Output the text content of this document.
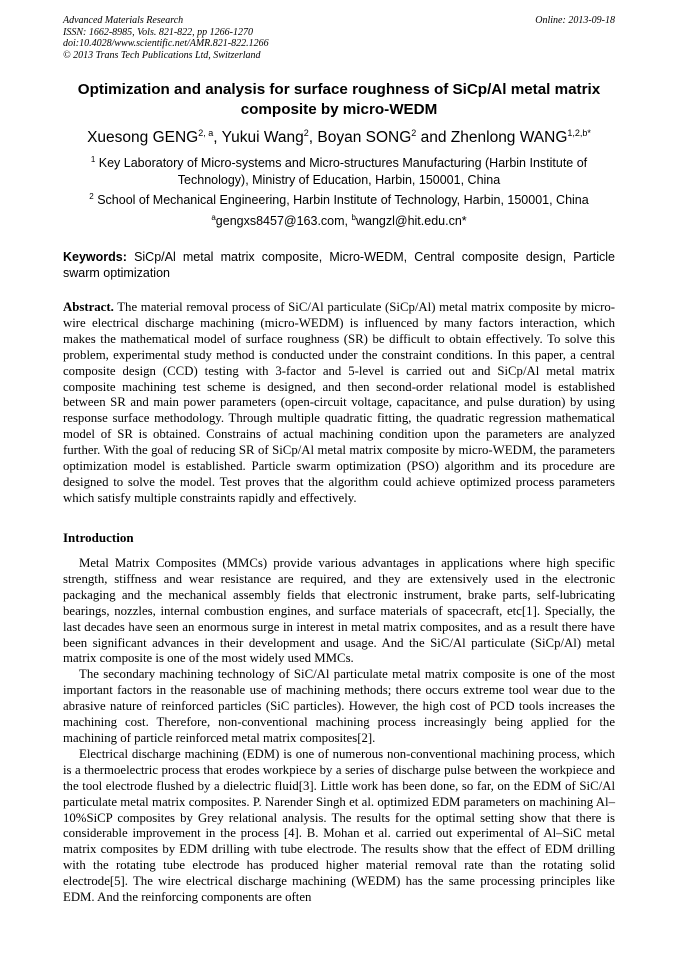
Advanced Materials Research
ISSN: 1662-8985, Vols. 821-822, pp 1266-1270
doi:10.4028/www.scientific.net/AMR.821-822.1266
© 2013 Trans Tech Publications Ltd, Switzerland
Online: 2013-09-18
Optimization and analysis for surface roughness of SiCp/Al metal matrix composite by micro-WEDM
Xuesong GENG$^{2, a}$, Yukui Wang$^2$, Boyan SONG$^2$ and Zhenlong $WANG^{1,2,b*}$
$^1$ Key Laboratory of Micro-systems and Micro-structures Manufacturing (Harbin Institute of Technology), Ministry of Education, Harbin, 150001, China
$^2$ School of Mechanical Engineering, Harbin Institute of Technology, Harbin, 150001, China
$^a$gengxs8457@163.com, $^b$wangzl@hit.edu.cn*
Keywords: SiCp/Al metal matrix composite, Micro-WEDM, Central composite design, Particle swarm optimization
Abstract. The material removal process of SiC/Al particulate (SiCp/Al) metal matrix composite by micro-wire electrical discharge machining (micro-WEDM) is influenced by many factors interaction, which makes the mathematical model of surface roughness (SR) be difficult to obtain effectively. To solve this problem, experimental study method is conducted under the constraint conditions. In this paper, a central composite design (CCD) testing with 3-factor and 5-level is carried out and SiCp/Al metal matrix composite machining test scheme is designed, and then second-order relational model is established between SR and main power parameters (open-circuit voltage, capacitance, and pulse duration) by using response surface methodology. Through multiple quadratic fitting, the quadratic regression mathematical model of SR is obtained. Constrains of actual machining condition upon the parameters are analyzed further. With the goal of reducing SR of SiCp/Al metal matrix composite by micro-WEDM, the parameters optimization model is established. Particle swarm optimization (PSO) algorithm and its procedure are designed to solve the model. Test proves that the algorithm could achieve optimized process parameters which satisfy multiple constraints rapidly and effectively.
Introduction

Metal Matrix Composites (MMCs) provide various advantages in applications where high specific strength, stiffness and wear resistance are required, and they are extensively used in the electronic packaging and the mechanical assembly fields that electronic instrument, brake parts, self-lubricating bearings, nozzles, internal combustion engines, and surface materials of spacecraft, etc[1]. Specially, the last decades have seen an enormous surge in interest in metal matrix composites, and as a result there have been significant advances in their development and usage. And the SiC/Al particulate (SiCp/Al) metal matrix composite is one of the most widely used MMCs.

The secondary machining technology of SiC/Al particulate metal matrix composite is one of the most important factors in the reasonable use of machining methods; there occurs extreme tool wear due to the abrasive nature of reinforced particles (SiC particles). However, the high cost of PCD tools increases the machining cost. Therefore, non-conventional machining process increasingly being applied for the machining of particle reinforced metal matrix composites[2].

Electrical discharge machining (EDM) is one of numerous non-conventional machining process, which is a thermoelectric process that erodes workpiece by a series of discharge pulse between the workpiece and the tool electrode flushed by a dielectric fluid[3]. Little work has been done, so far, on the EDM of SiC/Al particulate metal matrix composites. P. Narender Singh et al. optimized EDM parameters on machining Al–10%SiCP composites by Grey relational analysis. The results for the optimal setting show that there is considerable improvement in the process [4]. B. Mohan et al. carried out experimental of Al–SiC metal matrix composites by EDM drilling with tube electrode. The results show that the effect of EDM drilling with the rotating tube electrode has produced higher material removal rate than the rotating solid electrode[5]. The wire electrical discharge machining (WEDM) has the same processing principles like EDM. And the reinforcing components are often
